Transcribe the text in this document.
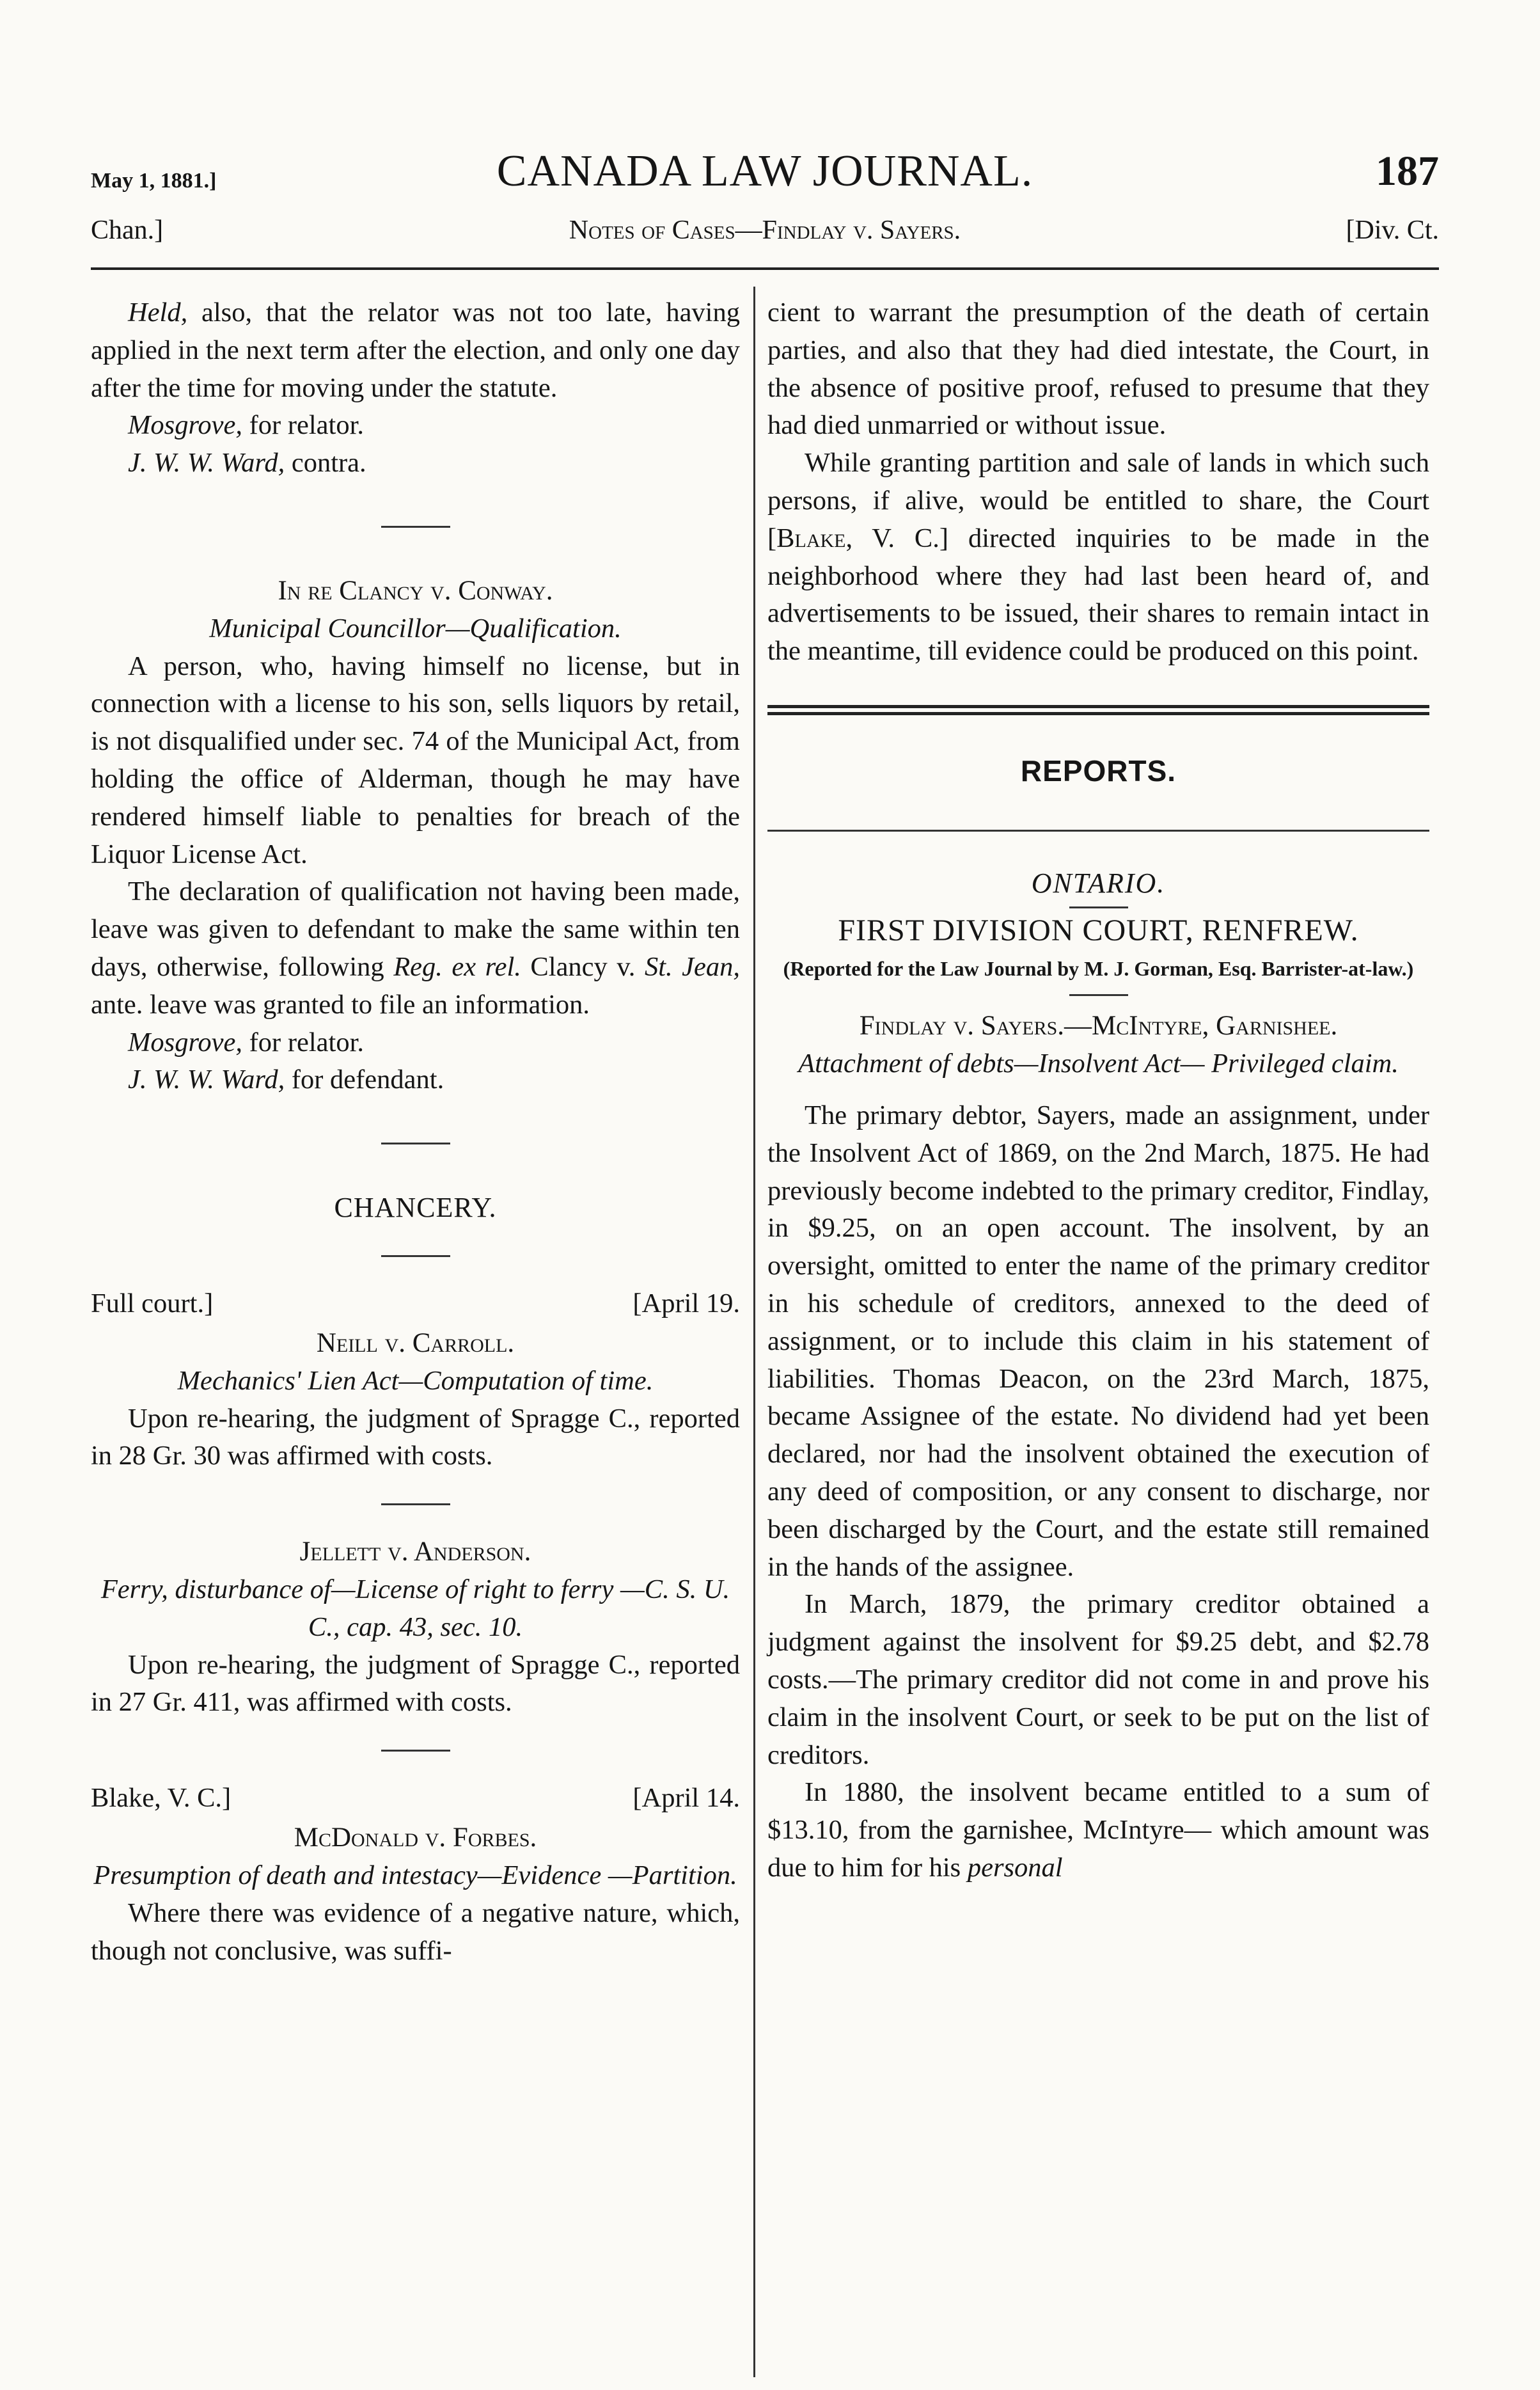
May 1, 1881.]	CANADA LAW JOURNAL.	187
Chan.]	Notes of Cases—Findlay v. Sayers.	[Div. Ct.

Held, also, that the relator was not too late, having applied in the next term after the election, and only one day after the time for moving under the statute.

Mosgrove, for relator.

J. W. W. Ward, contra.

In re Clancy v. Conway.

Municipal Councillor—Qualification.

A person, who, having himself no license, but in connection with a license to his son, sells liquors by retail, is not disqualified under sec. 74 of the Municipal Act, from holding the office of Alderman, though he may have rendered himself liable to penalties for breach of the Liquor License Act.

The declaration of qualification not having been made, leave was given to defendant to make the same within ten days, otherwise, following Reg. ex rel. Clancy v. St. Jean, ante. leave was granted to file an information.

Mosgrove, for relator.

J. W. W. Ward, for defendant.

CHANCERY.

Full court.]	[April 19.

Neill v. Carroll.

Mechanics' Lien Act—Computation of time.

Upon re-hearing, the judgment of Spragge C., reported in 28 Gr. 30 was affirmed with costs.

Jellett v. Anderson.

Ferry, disturbance of—License of right to ferry —C. S. U. C., cap. 43, sec. 10.

Upon re-hearing, the judgment of Spragge C., reported in 27 Gr. 411, was affirmed with costs.

Blake, V. C.]	[April 14.

McDonald v. Forbes.

Presumption of death and intestacy—Evidence —Partition.

Where there was evidence of a negative nature, which, though not conclusive, was suffi-

cient to warrant the presumption of the death of certain parties, and also that they had died intestate, the Court, in the absence of positive proof, refused to presume that they had died unmarried or without issue.

While granting partition and sale of lands in which such persons, if alive, would be entitled to share, the Court [Blake, V. C.] directed inquiries to be made in the neighborhood where they had last been heard of, and advertisements to be issued, their shares to remain intact in the meantime, till evidence could be produced on this point.

REPORTS.

ONTARIO.

FIRST DIVISION COURT, RENFREW.

(Reported for the Law Journal by M. J. Gorman, Esq. Barrister-at-law.)

Findlay v. Sayers.—McIntyre, Garnishee.

Attachment of debts—Insolvent Act— Privileged claim.

The primary debtor, Sayers, made an assignment, under the Insolvent Act of 1869, on the 2nd March, 1875. He had previously become indebted to the primary creditor, Findlay, in $9.25, on an open account. The insolvent, by an oversight, omitted to enter the name of the primary creditor in his schedule of creditors, annexed to the deed of assignment, or to include this claim in his statement of liabilities. Thomas Deacon, on the 23rd March, 1875, became Assignee of the estate. No dividend had yet been declared, nor had the insolvent obtained the execution of any deed of composition, or any consent to discharge, nor been discharged by the Court, and the estate still remained in the hands of the assignee.

In March, 1879, the primary creditor obtained a judgment against the insolvent for $9.25 debt, and $2.78 costs.—The primary creditor did not come in and prove his claim in the insolvent Court, or seek to be put on the list of creditors.

In 1880, the insolvent became entitled to a sum of $13.10, from the garnishee, McIntyre— which amount was due to him for his personal
